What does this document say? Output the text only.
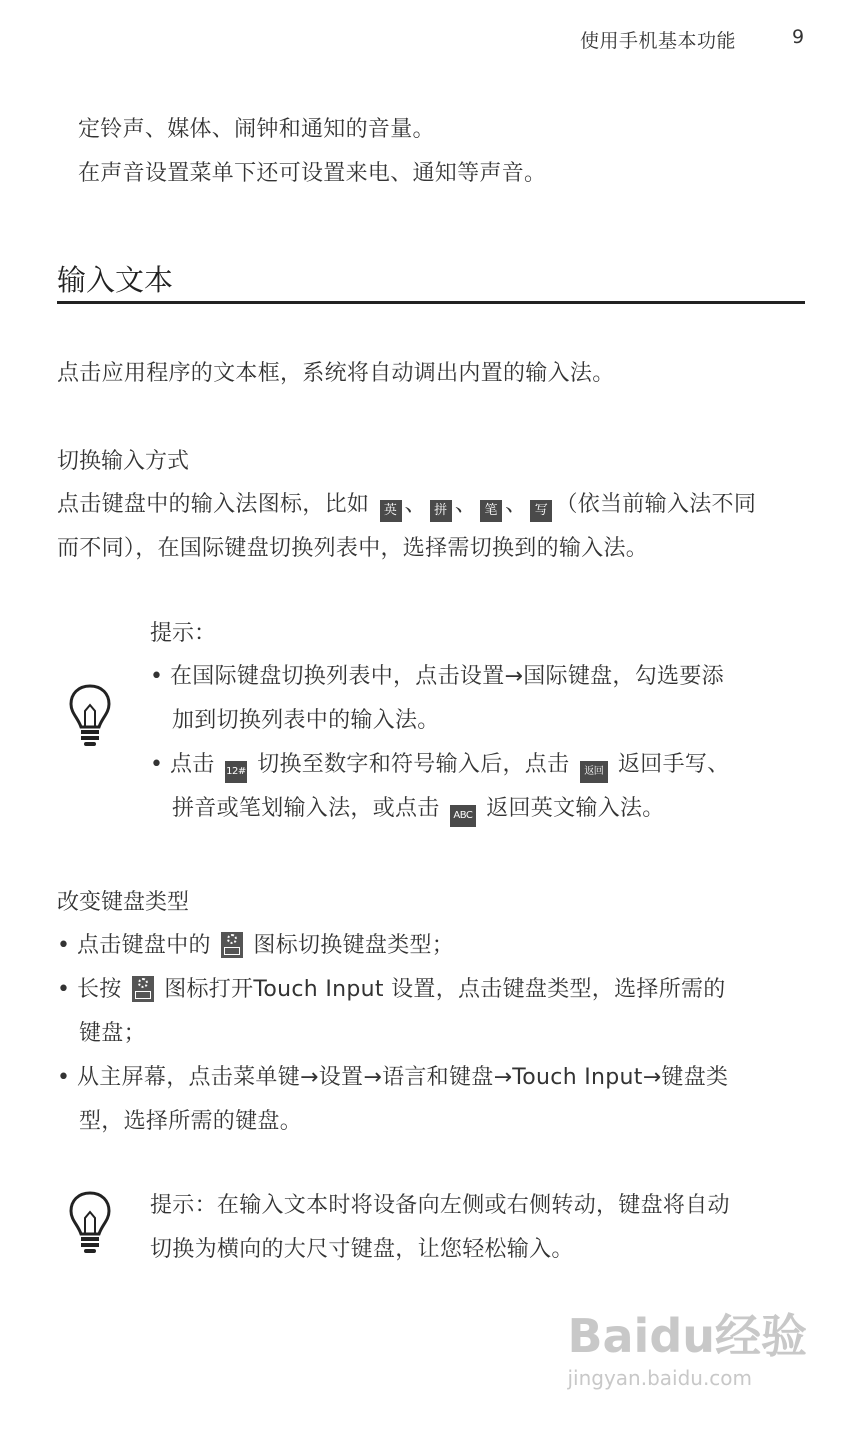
使用手机基本功能	9
定铃声、媒体、闹钟和通知的音量。
在声音设置菜单下还可设置来电、通知等声音。
输入文本
点击应用程序的文本框，系统将自动调出内置的输入法。
切换输入方式
点击键盘中的输入法图标，比如 英 、 拼 、 笔 、 写 （依当前输入法不同
而不同），在国际键盘切换列表中，选择需切换到的输入法。
提示：
• 在国际键盘切换列表中，点击设置→国际键盘，勾选要添
加到切换列表中的输入法。
• 点击 12# 切换至数字和符号输入后，点击 返回 返回手写、
拼音或笔划输入法，或点击 ABC 返回英文输入法。
改变键盘类型
• 点击键盘中的 图标切换键盘类型；
• 长按 图标打开Touch Input 设置，点击键盘类型，选择所需的
键盘；
• 从主屏幕，点击菜单键→设置→语言和键盘→Touch Input→键盘类
型，选择所需的键盘。
提示：在输入文本时将设备向左侧或右侧转动，键盘将自动
切换为横向的大尺寸键盘，让您轻松输入。
Baidu经验
jingyan.baidu.com
